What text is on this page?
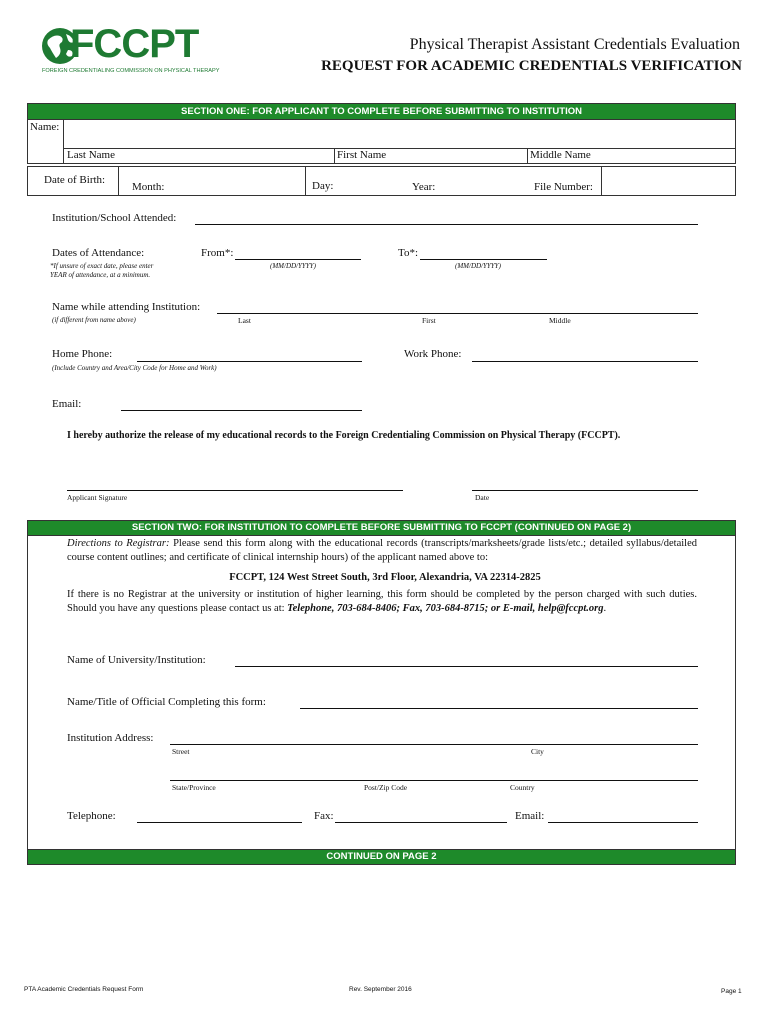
FCCPT
FOREIGN CREDENTIALING COMMISSION ON PHYSICAL THERAPY
Physical Therapist Assistant Credentials Evaluation
REQUEST FOR ACADEMIC CREDENTIALS VERIFICATION
SECTION ONE: FOR APPLICANT TO COMPLETE BEFORE SUBMITTING TO INSTITUTION
Name:
Last Name	First Name	Middle Name
Date of Birth:
Month:	Day:	Year:	File Number:
Institution/School Attended:
Dates of Attendance:
*If unsure of exact date, please enter
YEAR of attendance, at a minimum.
From*:
(MM/DD/YYYY)
To*:
(MM/DD/YYYY)
Name while attending Institution:
(if different from name above)	Last	First	Middle
Home Phone:	Work Phone:
(Include Country and Area/City Code for Home and Work)
Email:
I hereby authorize the release of my educational records to the Foreign Credentialing Commission on Physical Therapy (FCCPT).
Applicant Signature	Date
SECTION TWO: FOR INSTITUTION TO COMPLETE BEFORE SUBMITTING TO FCCPT (CONTINUED ON PAGE 2)
Directions to Registrar: Please send this form along with the educational records (transcripts/marksheets/grade lists/etc.; detailed syllabus/detailed course content outlines; and certificate of clinical internship hours) of the applicant named above to:
FCCPT, 124 West Street South, 3rd Floor, Alexandria, VA 22314-2825
If there is no Registrar at the university or institution of higher learning, this form should be completed by the person charged with such duties. Should you have any questions please contact us at: Telephone, 703-684-8406; Fax, 703-684-8715; or E-mail, help@fccpt.org.
Name of University/Institution:
Name/Title of Official Completing this form:
Institution Address:
Street	City
State/Province	Post/Zip Code	Country
Telephone:	Fax:	Email:
CONTINUED ON PAGE 2
PTA Academic Credentials Request Form	Rev. September 2016	Page 1
